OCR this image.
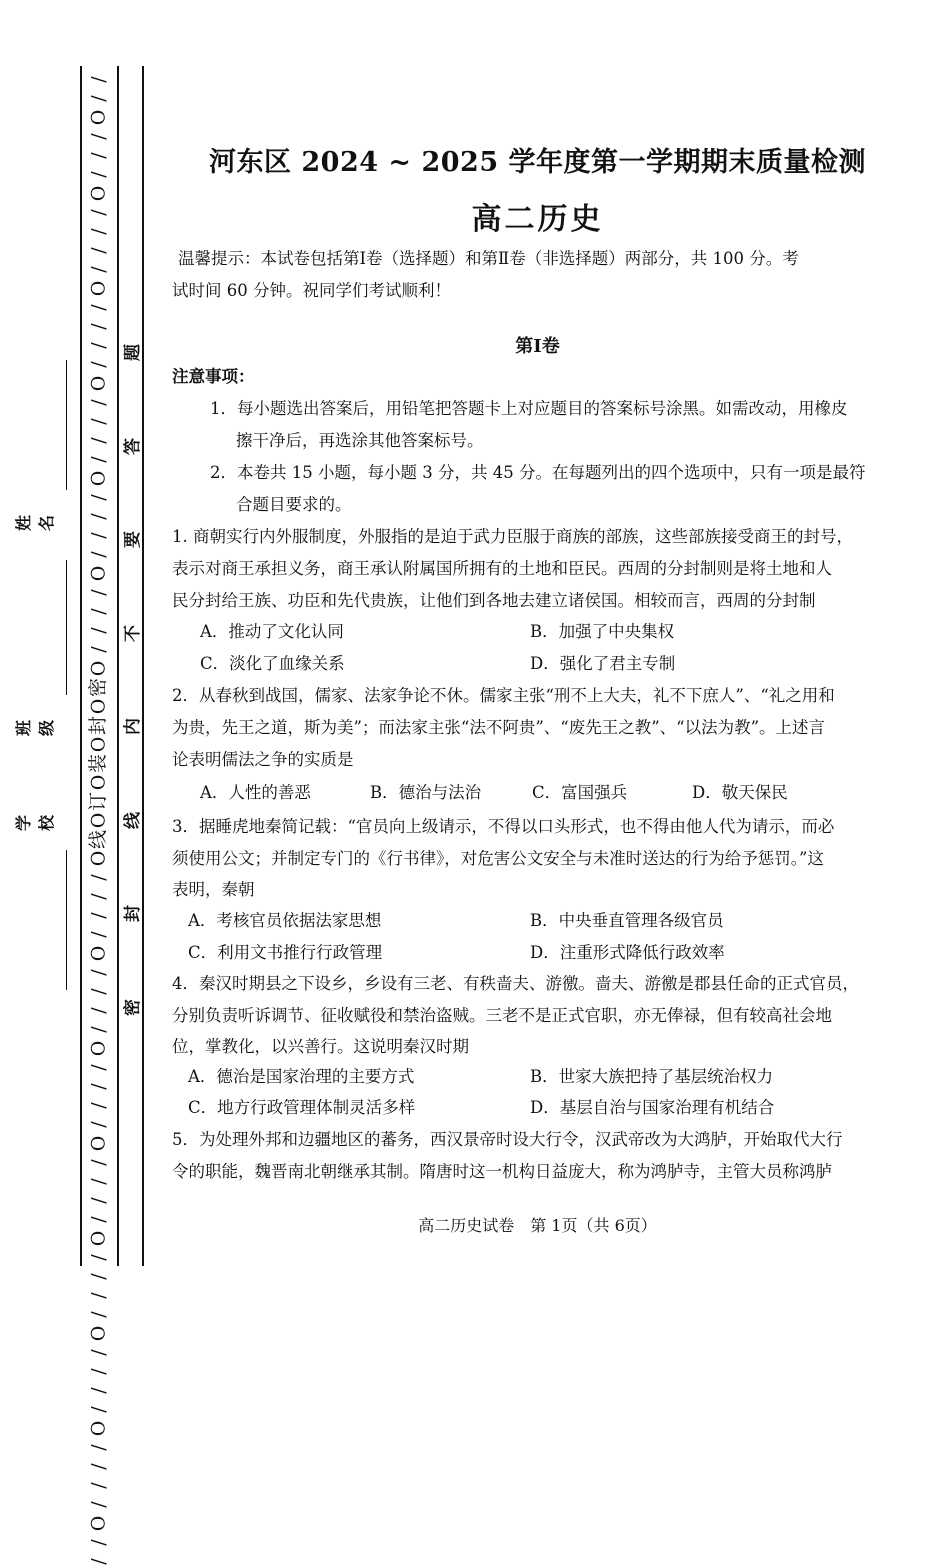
/
/
O
/
/
/
O
/
/
/
/
O
/
/
/
/
O
/
/
/
/
O
/
/
/
/
O
/
/
/
/
O
密
O
封
O
装
O
订
O
线
O
/
/
/
/
O
/
/
/
/
O
/
/
/
/
O
/
/
/
/
O
/
/
/
/
O
/
/
/
/
O
/
/
/
/
O
/
/
题
答
要
不
内
线
封
密
姓名
班级
学校
河东区 2024 ~ 2025 学年度第一学期期末质量检测
高二历史
温馨提示：本试卷包括第Ⅰ卷（选择题）和第Ⅱ卷（非选择题）两部分，共 100 分。考
试时间 60 分钟。祝同学们考试顺利！
第Ⅰ卷
注意事项：
1．每小题选出答案后，用铅笔把答题卡上对应题目的答案标号涂黑。如需改动，用橡皮
擦干净后，再选涂其他答案标号。
2．本卷共 15 小题，每小题 3 分，共 45 分。在每题列出的四个选项中，只有一项是最符
合题目要求的。
1. 商朝实行内外服制度，外服指的是迫于武力臣服于商族的部族，这些部族接受商王的封号，
表示对商王承担义务，商王承认附属国所拥有的土地和臣民。西周的分封制则是将土地和人
民分封给王族、功臣和先代贵族，让他们到各地去建立诸侯国。相较而言，西周的分封制
A．推动了文化认同	B．加强了中央集权
C．淡化了血缘关系	D．强化了君主专制
2．从春秋到战国，儒家、法家争论不休。儒家主张“刑不上大夫，礼不下庶人”、“礼之用和
为贵，先王之道，斯为美”；而法家主张“法不阿贵”、“废先王之教”、“以法为教”。上述言
论表明儒法之争的实质是
A．人性的善恶	B．德治与法治	C．富国强兵	D．敬天保民
3．据睡虎地秦简记载：“官员向上级请示，不得以口头形式，也不得由他人代为请示，而必
须使用公文；并制定专门的《行书律》，对危害公文安全与未准时送达的行为给予惩罚。”这
表明，秦朝
A．考核官员依据法家思想	B．中央垂直管理各级官员
C．利用文书推行行政管理	D．注重形式降低行政效率
4．秦汉时期县之下设乡，乡设有三老、有秩啬夫、游徼。啬夫、游徼是郡县任命的正式官员，
分别负责听诉调节、征收赋役和禁治盗贼。三老不是正式官职，亦无俸禄，但有较高社会地
位，掌教化，以兴善行。这说明秦汉时期
A．德治是国家治理的主要方式	B．世家大族把持了基层统治权力
C．地方行政管理体制灵活多样	D．基层自治与国家治理有机结合
5．为处理外邦和边疆地区的蕃务，西汉景帝时设大行令，汉武帝改为大鸿胪，开始取代大行
令的职能，魏晋南北朝继承其制。隋唐时这一机构日益庞大，称为鸿胪寺，主管大员称鸿胪
高二历史试卷　第 1页（共 6页）
